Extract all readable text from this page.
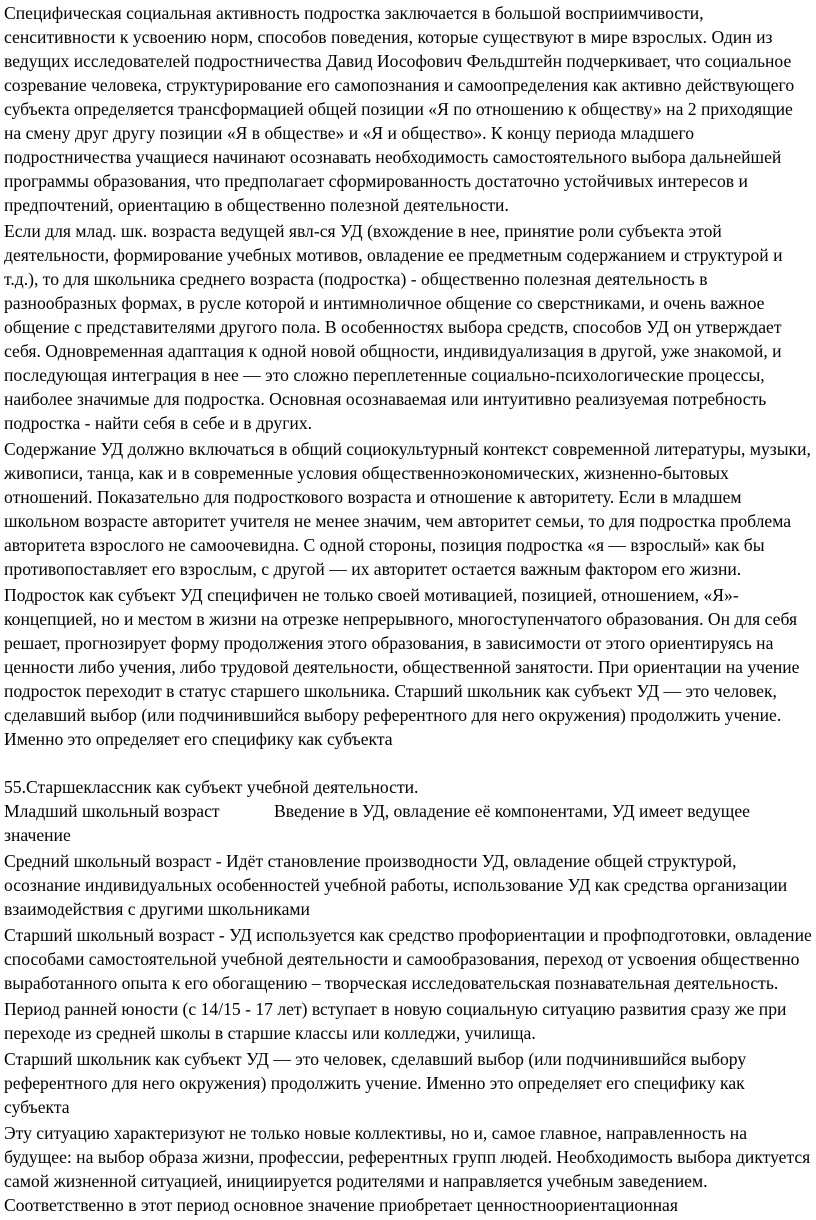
Специфическая социальная активность подростка заключается в большой восприимчивости, сенситивности к усвоению норм, способов поведения, которые существуют в мире взрослых. Один из ведущих исследователей подростничества Давид Иософович Фельдштейн подчеркивает, что социальное созревание человека, структурирование его самопознания и самоопределения как активно действующего субъекта определяется трансформацией общей позиции «Я по отношению к обществу» на 2 приходящие на смену друг другу позиции «Я в обществе» и «Я и общество». К концу периода младшего подростничества учащиеся начинают осознавать необходимость самостоятельного выбора дальнейшей программы образования, что предполагает сформированность достаточно устойчивых интересов и предпочтений, ориентацию в общественно полезной деятельности.

Если для млад. шк. возраста ведущей явл-ся УД (вхождение в нее, принятие роли субъекта этой деятельности, формирование учебных мотивов, овладение ее предметным содержанием и структурой и т.д.), то для школьника среднего возраста (подростка) - общественно полезная деятельность в разнообразных формах, в русле которой и интимноличное общение со сверстниками, и очень важное общение с представителями другого пола. В особенностях выбора средств, способов УД он утверждает себя. Одновременная адаптация к одной новой общности, индивидуализация в другой, уже знакомой, и последующая интеграция в нее — это сложно переплетенные социально-психологические процессы, наиболее значимые для подростка. Основная осознаваемая или интуитивно реализуемая потребность подростка - найти себя в себе и в других.

Содержание УД должно включаться в общий социокультурный контекст современной литературы, музыки, живописи, танца, как и в современные условия общественноэкономических, жизненно-бытовых отношений. Показательно для подросткового возраста и отношение к авторитету. Если в младшем школьном возрасте авторитет учителя не менее значим, чем авторитет семьи, то для подростка проблема авторитета взрослого не самоочевидна. С одной стороны, позиция подростка «я — взрослый» как бы противопоставляет его взрослым, с другой — их авторитет остается важным фактором его жизни.

Подросток как субъект УД специфичен не только своей мотивацией, позицией, отношением, «Я»-концепцией, но и местом в жизни на отрезке непрерывного, многоступенчатого образования. Он для себя решает, прогнозирует форму продолжения этого образования, в зависимости от этого ориентируясь на ценности либо учения, либо трудовой деятельности, общественной занятости. При ориентации на учение подросток переходит в статус старшего школьника. Старший школьник как субъект УД — это человек, сделавший выбор (или подчинившийся выбору референтного для него окружения) продолжить учение. Именно это определяет его специфику как субъекта

55.Старшеклассник как субъект учебной деятельности.

Младший школьный возраст	Введение в УД, овладение её компонентами, УД имеет ведущее

значение

Средний школьный возраст - Идёт становление производности УД, овладение общей структурой, осознание индивидуальных особенностей учебной работы, использование УД как средства организации взаимодействия с другими школьниками

Старший школьный возраст - УД используется как средство профориентации и профподготовки, овладение способами самостоятельной учебной деятельности и самообразования, переход от усвоения общественно выработанного опыта к его обогащению – творческая исследовательская познавательная деятельность.

Период ранней юности (с 14/15 - 17 лет) вступает в новую социальную ситуацию развития сразу же при переходе из средней школы в старшие классы или колледжи, училища.

Старший школьник как субъект УД — это человек, сделавший выбор (или подчинившийся выбору референтного для него окружения) продолжить учение. Именно это определяет его специфику как субъекта

Эту ситуацию характеризуют не только новые коллективы, но и, самое главное, направленность на будущее: на выбор образа жизни, профессии, референтных групп людей. Необходимость выбора диктуется самой жизненной ситуацией, инициируется родителями и направляется учебным заведением. Соответственно в этот период основное значение приобретает ценностноориентационная
